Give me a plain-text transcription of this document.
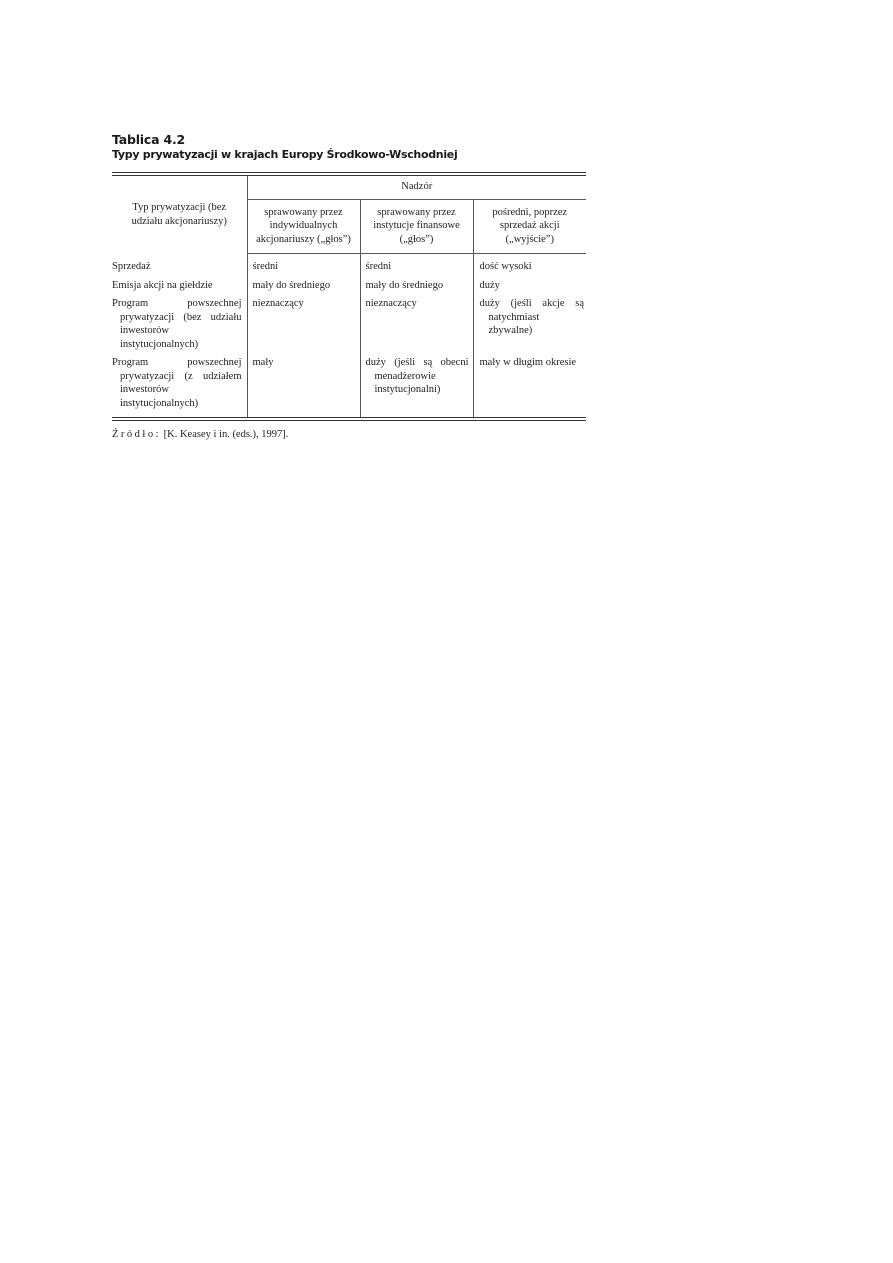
Tablica 4.2
Typy prywatyzacji w krajach Europy Środkowo-Wschodniej
Typ prywatyzacji (bez udziału akcjonariuszy)	Nadzór		
	sprawowany przez indywidualnych akcjonariuszy („głos”)	sprawowany przez instytucje finansowe („głos”)	pośredni, poprzez sprzedaż akcji („wyjście”)

Sprzedaż	średni	średni	dość wysoki

Emisja akcji na giełdzie	mały do średniego	mały do średniego	duży

Program powszechnej prywatyzacji (bez udziału inwestorów instytucjonalnych)	nieznaczący	nieznaczący	duży (jeśli akcje są natychmiast zbywalne)

Program powszechnej prywatyzacji (z udziałem inwestorów instytucjonalnych)	mały	duży (jeśli są obecni menadżerowie instytucjonalni)	mały w długim okresie
Źródło: [K. Keasey i in. (eds.), 1997].
